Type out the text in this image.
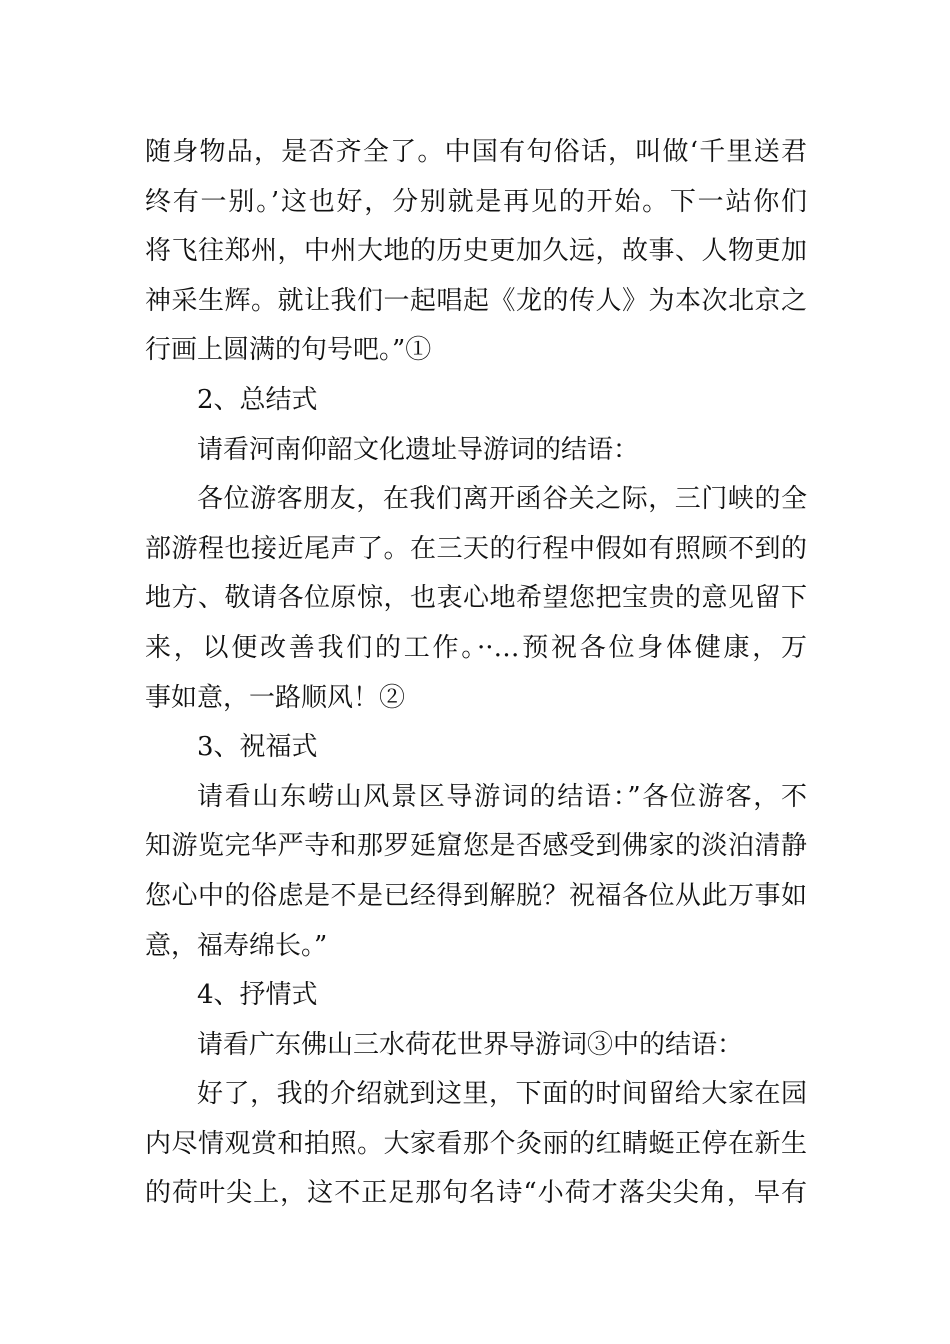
随身物品，是否齐全了。中国有句俗话，叫做‘千里送君
终有一别。’这也好，分别就是再见的开始。下一站你们
将飞往郑州，中州大地的历史更加久远，故事、人物更加
神采生辉。就让我们一起唱起《龙的传人》为本次北京之
行画上圆满的句号吧。”①
2、总结式
请看河南仰韶文化遗址导游词的结语：
各位游客朋友，在我们离开函谷关之际，三门峡的全
部游程也接近尾声了。在三天的行程中假如有照顾不到的
地方、敬请各位原惊，也衷心地希望您把宝贵的意见留下
来，以便改善我们的工作。··…预祝各位身体健康，万
事如意，一路顺风！②
3、祝福式
请看山东崂山风景区导游词的结语：”各位游客，不
知游览完华严寺和那罗延窟您是否感受到佛家的淡泊清静
您心中的俗虑是不是已经得到解脱？祝福各位从此万事如
意，福寿绵长。”
4、抒情式
请看广东佛山三水荷花世界导游词③中的结语：
好了，我的介绍就到这里，下面的时间留给大家在园
内尽情观赏和拍照。大家看那个灸丽的红睛蜓正停在新生
的荷叶尖上，这不正足那句名诗“小荷才落尖尖角，早有
